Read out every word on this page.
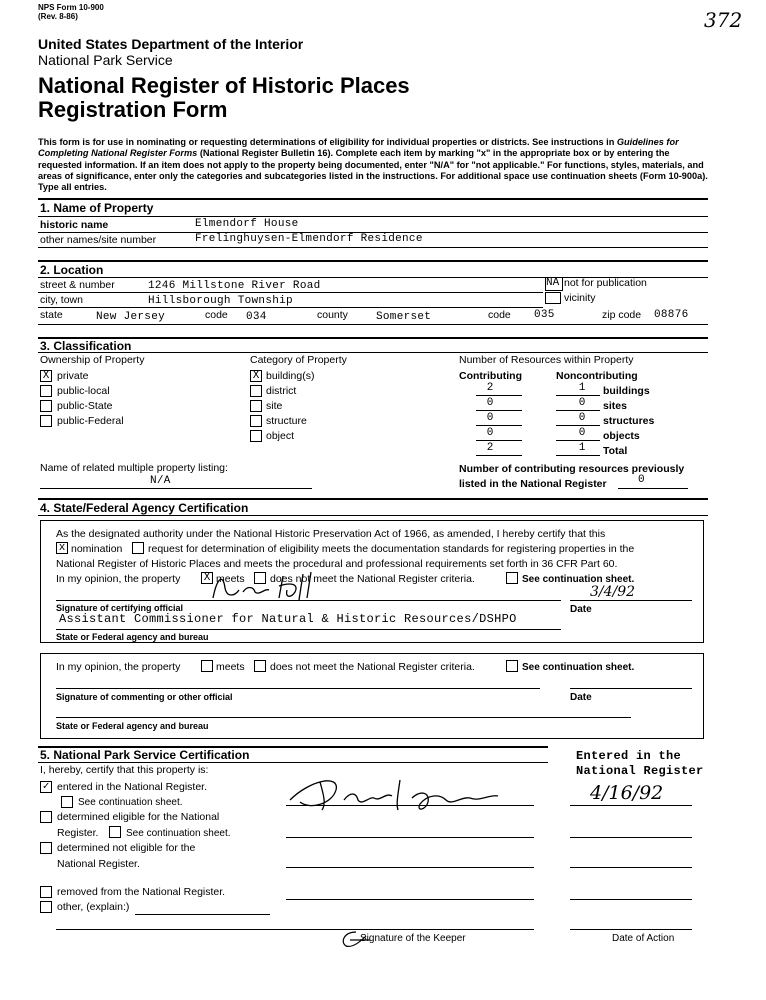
NPS Form 10-900
(Rev. 8-86)	372
United States Department of the Interior
National Park Service
National Register of Historic Places
Registration Form
This form is for use in nominating or requesting determinations of eligibility for individual properties or districts. See instructions in Guidelines for Completing National Register Forms (National Register Bulletin 16). Complete each item by marking "x" in the appropriate box or by entering the requested information. If an item does not apply to the property being documented, enter "N/A" for "not applicable." For functions, styles, materials, and areas of significance, enter only the categories and subcategories listed in the instructions. For additional space use continuation sheets (Form 10-900a). Type all entries.
1. Name of Property
historic name	Elmendorf House
other names/site number	Frelinghuysen-Elmendorf Residence
2. Location
street & number	1246 Millstone River Road	NA not for publication
city, town	Hillsborough Township	vicinity
state	New Jersey	code 034	county	Somerset	code 035	zip code 08876
3. Classification
Ownership of Property	Category of Property	Number of Resources within Property
X private
public-local
public-State
public-Federal
X building(s)
district
site
structure
object
Contributing	Noncontributing
2	1	buildings
0	0	sites
0	0	structures
0	0	objects
2	1	Total
Name of related multiple property listing:
N/A
Number of contributing resources previously
listed in the National Register	0
4. State/Federal Agency Certification
As the designated authority under the National Historic Preservation Act of 1966, as amended, I hereby certify that this
x nomination request for determination of eligibility meets the documentation standards for registering properties in the
National Register of Historic Places and meets the procedural and professional requirements set forth in 36 CFR Part 60.
In my opinion, the property X meets does not meet the National Register criteria.	See continuation sheet.
3/4/92
Signature of certifying official	Date
Assistant Commissioner for Natural & Historic Resources/DSHPO
State or Federal agency and bureau
In my opinion, the property	meets does not meet the National Register criteria.	See continuation sheet.
Signature of commenting or other official	Date
State or Federal agency and bureau
5. National Park Service Certification	Entered in the
National Register
I, hereby, certify that this property is:
✓ entered in the National Register.
See continuation sheet.
determined eligible for the National
Register.	See continuation sheet.
determined not eligible for the
National Register.
removed from the National Register.
other, (explain:)
4/16/92
Signature of the Keeper	Date of Action
